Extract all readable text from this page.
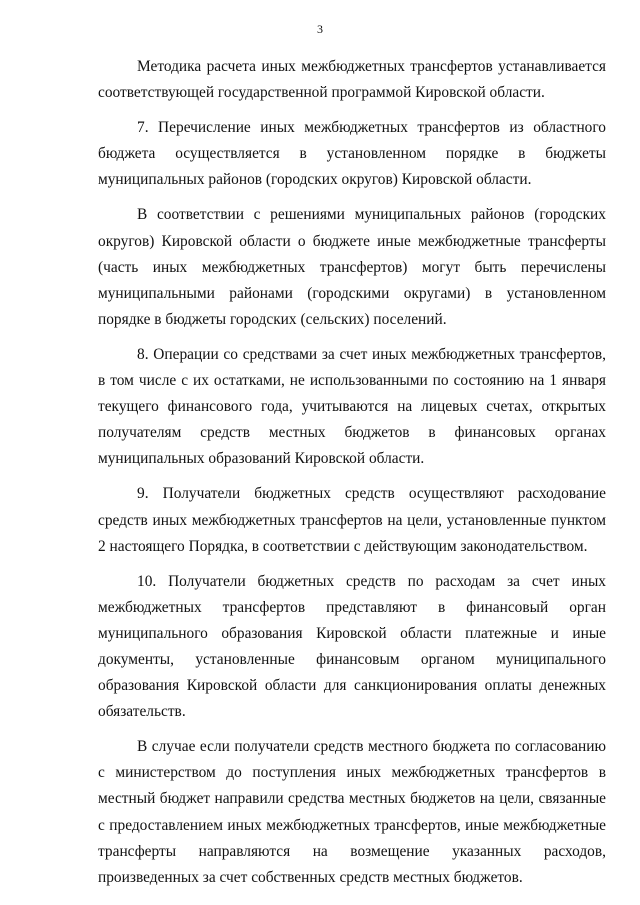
3

Методика расчета иных межбюджетных трансфертов устанавливается соответствующей государственной программой Кировской области.

7. Перечисление иных межбюджетных трансфертов из областного бюджета осуществляется в установленном порядке в бюджеты муниципальных районов (городских округов) Кировской области.

В соответствии с решениями муниципальных районов (городских округов) Кировской области о бюджете иные межбюджетные трансферты (часть иных межбюджетных трансфертов) могут быть перечислены муниципальными районами (городскими округами) в установленном порядке в бюджеты городских (сельских) поселений.

8. Операции со средствами за счет иных межбюджетных трансфертов, в том числе с их остатками, не использованными по состоянию на 1 января текущего финансового года, учитываются на лицевых счетах, открытых получателям средств местных бюджетов в финансовых органах муниципальных образований Кировской области.

9. Получатели бюджетных средств осуществляют расходование средств иных межбюджетных трансфертов на цели, установленные пунктом 2 настоящего Порядка, в соответствии с действующим законодательством.

10. Получатели бюджетных средств по расходам за счет иных межбюджетных трансфертов представляют в финансовый орган муниципального образования Кировской области платежные и иные документы, установленные финансовым органом муниципального образования Кировской области для санкционирования оплаты денежных обязательств.

В случае если получатели средств местного бюджета по согласованию с министерством до поступления иных межбюджетных трансфертов в местный бюджет направили средства местных бюджетов на цели, связанные с предоставлением иных межбюджетных трансфертов, иные межбюджетные трансферты направляются на возмещение указанных расходов, произведенных за счет собственных средств местных бюджетов.
